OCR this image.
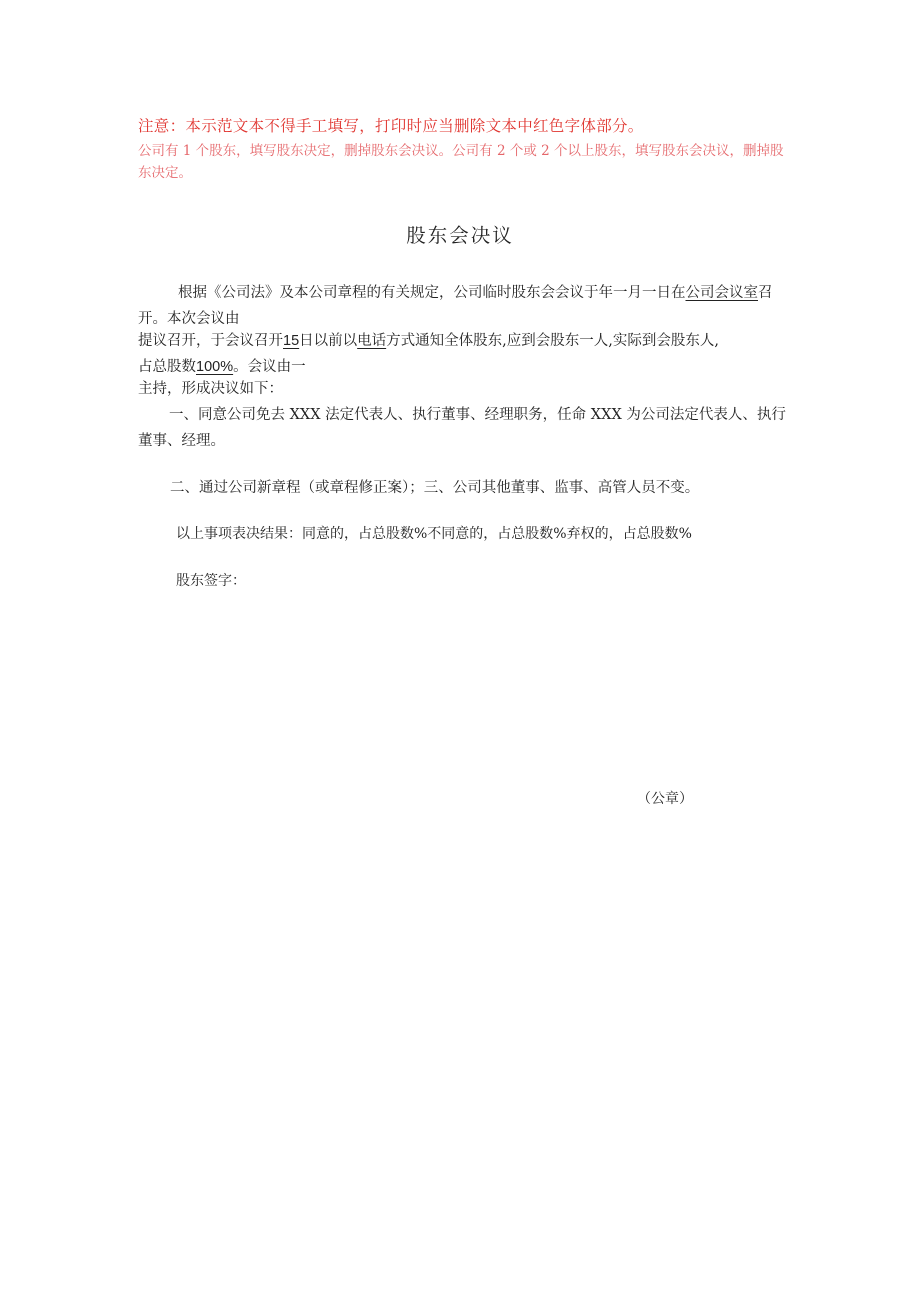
注意：本示范文本不得手工填写，打印时应当删除文本中红色字体部分。
公司有 1 个股东，填写股东决定，删掉股东会决议。公司有 2 个或 2 个以上股东，填写股东会决议，删掉股东决定。
股东会决议
根据《公司法》及本公司章程的有关规定，公司临时股东会会议于年一月一日在公司会议室召开。本次会议由
提议召开，于会议召开15日以前以电话方式通知全体股东,应到会股东一人,实际到会股东人,
占总股数100%。会议由一
主持，形成决议如下：
一、同意公司免去 XXX 法定代表人、执行董事、经理职务，任命 XXX 为公司法定代表人、执行董事、经理。
二、通过公司新章程（或章程修正案）；三、公司其他董事、监事、高管人员不变。
以上事项表决结果：同意的，占总股数%不同意的，占总股数%弃权的，占总股数%
股东签字：
（公章）
